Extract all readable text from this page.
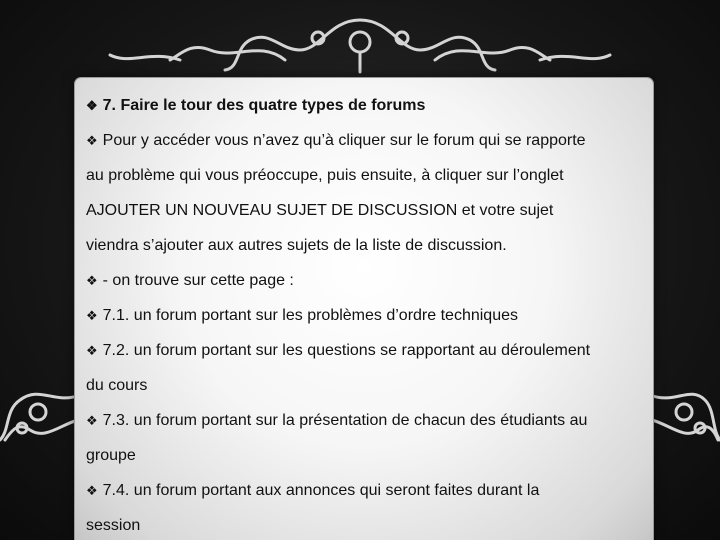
❖ 7. Faire le tour des quatre types de forums
❖ Pour y accéder vous n’avez qu’à cliquer sur le forum qui se rapporte
au problème qui vous préoccupe, puis ensuite, à cliquer sur l’onglet
AJOUTER UN NOUVEAU SUJET DE DISCUSSION et votre sujet
viendra s’ajouter aux autres sujets de la liste de discussion.
❖ - on trouve sur cette page :
❖ 7.1. un forum portant sur les problèmes d’ordre techniques
❖ 7.2. un forum portant sur les questions se rapportant au déroulement
du cours
❖ 7.3. un forum portant sur la présentation de chacun des étudiants au
groupe
❖ 7.4. un forum portant aux annonces qui seront faites durant la
session
